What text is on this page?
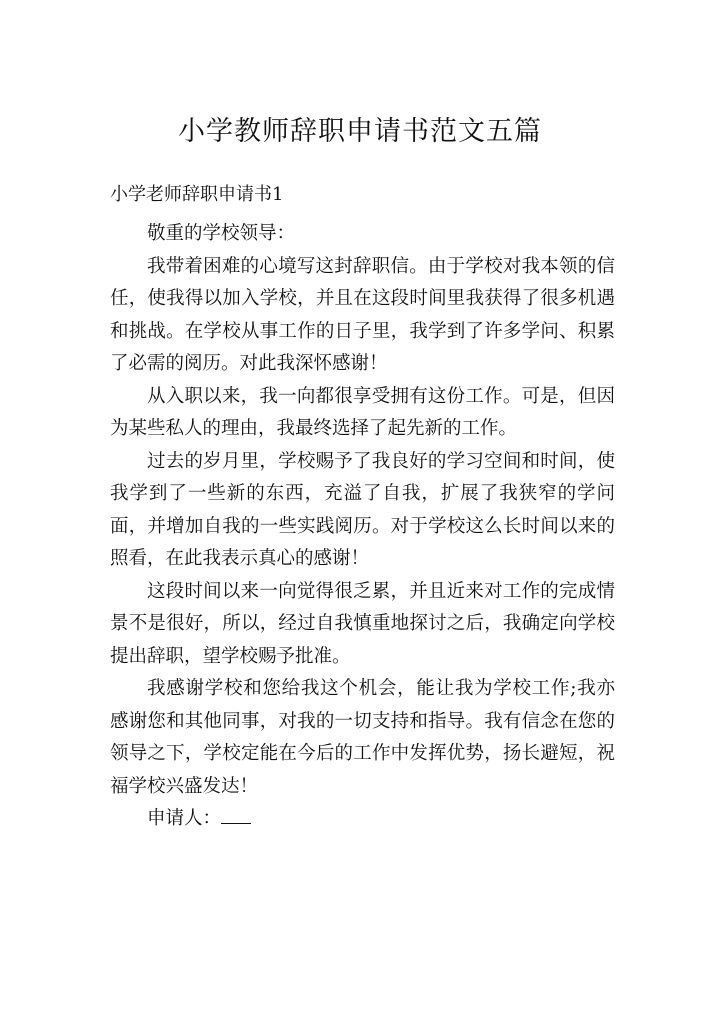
小学教师辞职申请书范文五篇
小学老师辞职申请书1

敬重的学校领导：

我带着困难的心境写这封辞职信。由于学校对我本领的信任，使我得以加入学校，并且在这段时间里我获得了很多机遇和挑战。在学校从事工作的日子里，我学到了许多学问、积累了必需的阅历。对此我深怀感谢！

从入职以来，我一向都很享受拥有这份工作。可是，但因为某些私人的理由，我最终选择了起先新的工作。

过去的岁月里，学校赐予了我良好的学习空间和时间，使我学到了一些新的东西，充溢了自我，扩展了我狭窄的学问面，并增加自我的一些实践阅历。对于学校这么长时间以来的照看，在此我表示真心的感谢！

这段时间以来一向觉得很乏累，并且近来对工作的完成情景不是很好，所以，经过自我慎重地探讨之后，我确定向学校提出辞职，望学校赐予批准。

我感谢学校和您给我这个机会，能让我为学校工作;我亦感谢您和其他同事，对我的一切支持和指导。我有信念在您的领导之下，学校定能在今后的工作中发挥优势，扬长避短，祝福学校兴盛发达！

申请人：
